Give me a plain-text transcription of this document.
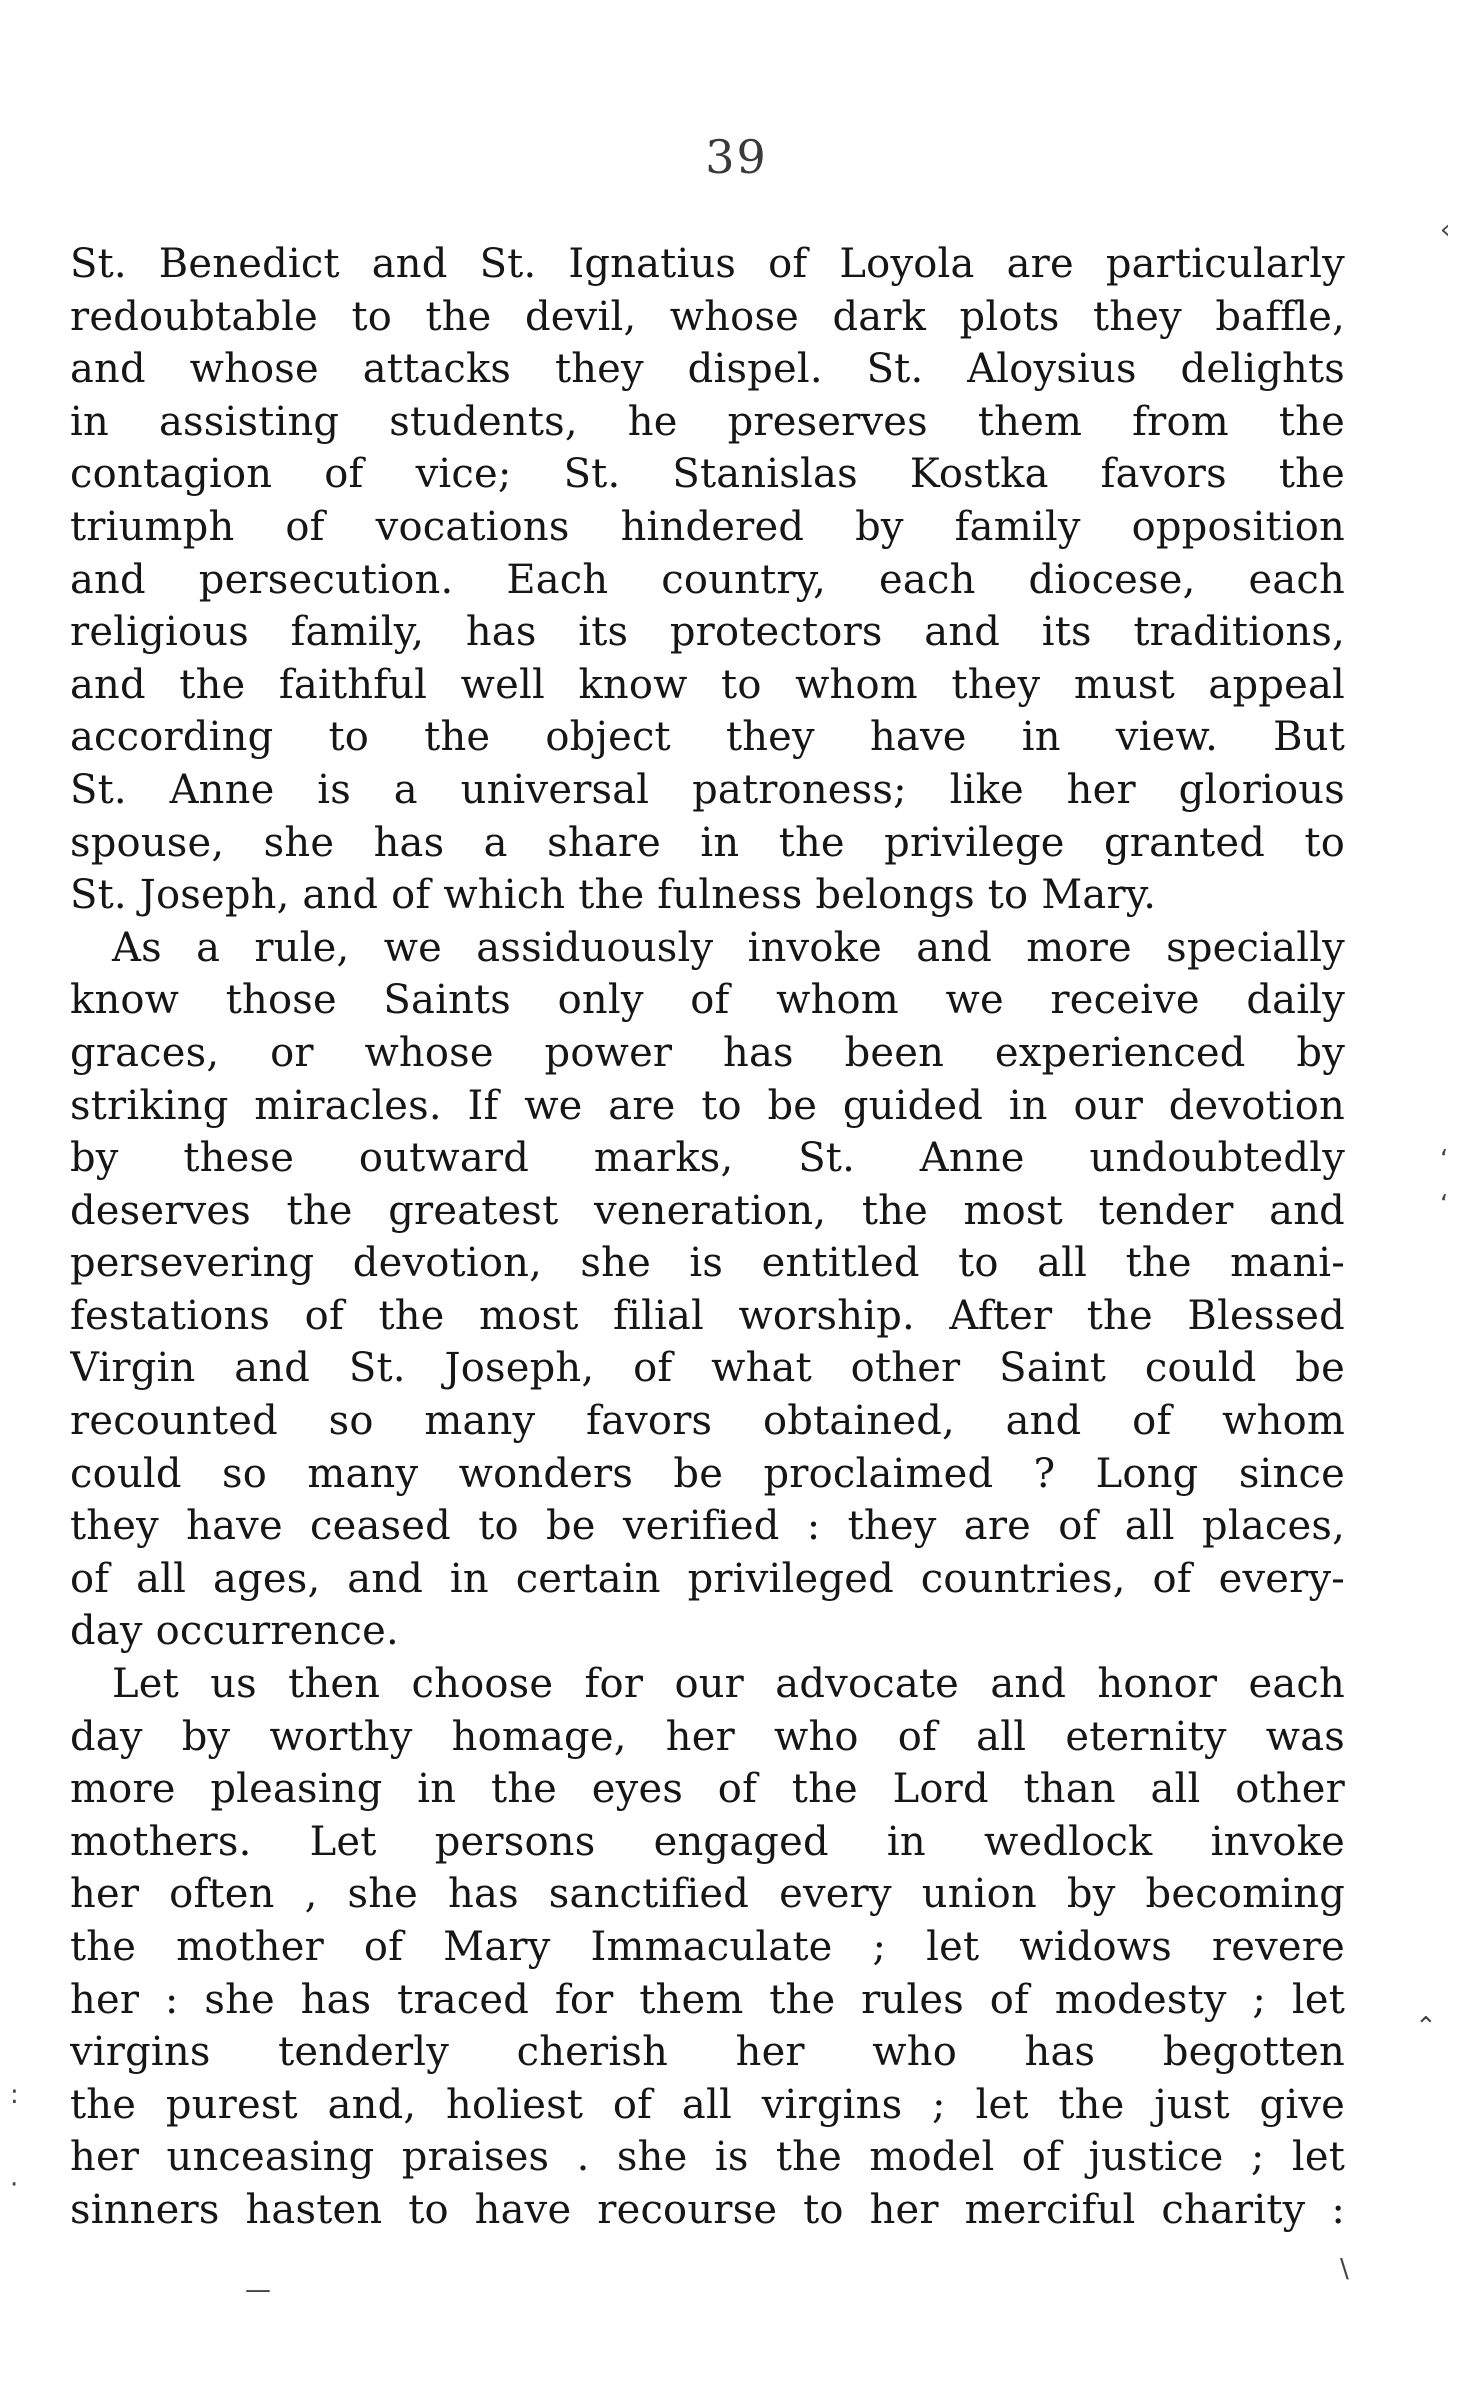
39
St. Benedict and St. Ignatius of Loyola are particularly
redoubtable to the devil, whose dark plots they baffle,
and whose attacks they dispel. St. Aloysius delights
in assisting students, he preserves them from the
contagion of vice; St. Stanislas Kostka favors the
triumph of vocations hindered by family opposition
and persecution. Each country, each diocese, each
religious family, has its protectors and its traditions,
and the faithful well know to whom they must appeal
according to the object they have in view. But
St. Anne is a universal patroness; like her glorious
spouse, she has a share in the privilege granted to
St. Joseph, and of which the fulness belongs to Mary.
As a rule, we assiduously invoke and more specially
know those Saints only of whom we receive daily
graces, or whose power has been experienced by
striking miracles. If we are to be guided in our devotion
by these outward marks, St. Anne undoubtedly
deserves the greatest veneration, the most tender and
persevering devotion, she is entitled to all the mani-
festations of the most filial worship. After the Blessed
Virgin and St. Joseph, of what other Saint could be
recounted so many favors obtained, and of whom
could so many wonders be proclaimed ? Long since
they have ceased to be verified : they are of all places,
of all ages, and in certain privileged countries, of every-
day occurrence.
Let us then choose for our advocate and honor each
day by worthy homage, her who of all eternity was
more pleasing in the eyes of the Lord than all other
mothers. Let persons engaged in wedlock invoke
her often , she has sanctified every union by becoming
the mother of Mary Immaculate ; let widows revere
her : she has traced for them the rules of modesty ; let
virgins tenderly cherish her who has begotten
the purest and, holiest of all virgins ; let the just give
her unceasing praises . she is the model of justice ; let
sinners hasten to have recourse to her merciful charity :
‹
‘
‘
⌃
:
·
—
∖
